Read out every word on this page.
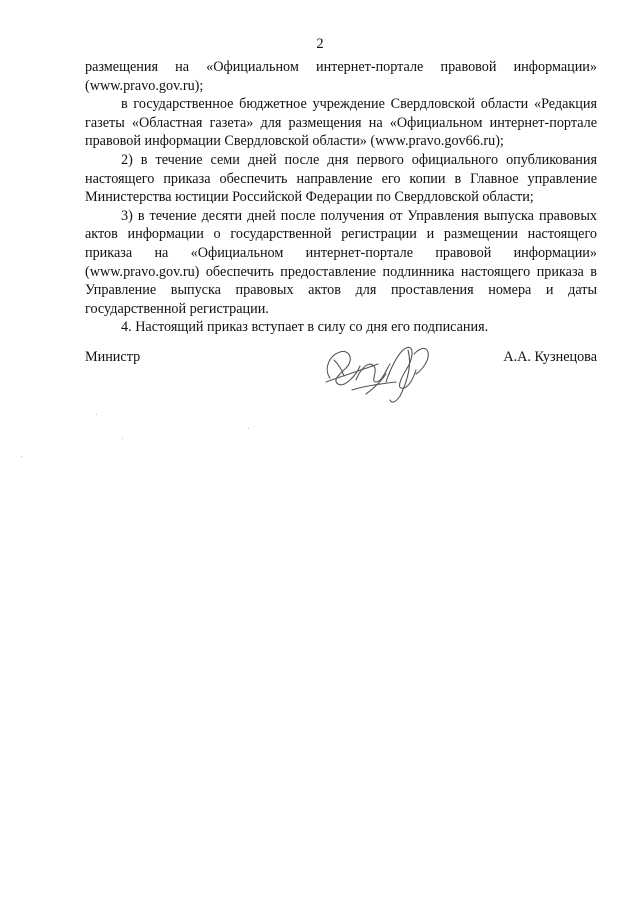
2

размещения на «Официальном интернет-портале правовой информации» (www.pravo.gov.ru);

в государственное бюджетное учреждение Свердловской области «Редакция газеты «Областная газета» для размещения на «Официальном интернет-портале правовой информации Свердловской области» (www.pravo.gov66.ru);

2) в течение семи дней после дня первого официального опубликования настоящего приказа обеспечить направление его копии в Главное управление Министерства юстиции Российской Федерации по Свердловской области;

3) в течение десяти дней после получения от Управления выпуска правовых актов информации о государственной регистрации и размещении настоящего приказа на «Официальном интернет-портале правовой информации» (www.pravo.gov.ru) обеспечить предоставление подлинника настоящего приказа в Управление выпуска правовых актов для проставления номера и даты государственной регистрации.

4. Настоящий приказ вступает в силу со дня его подписания.

Министр	А.А. Кузнецова
